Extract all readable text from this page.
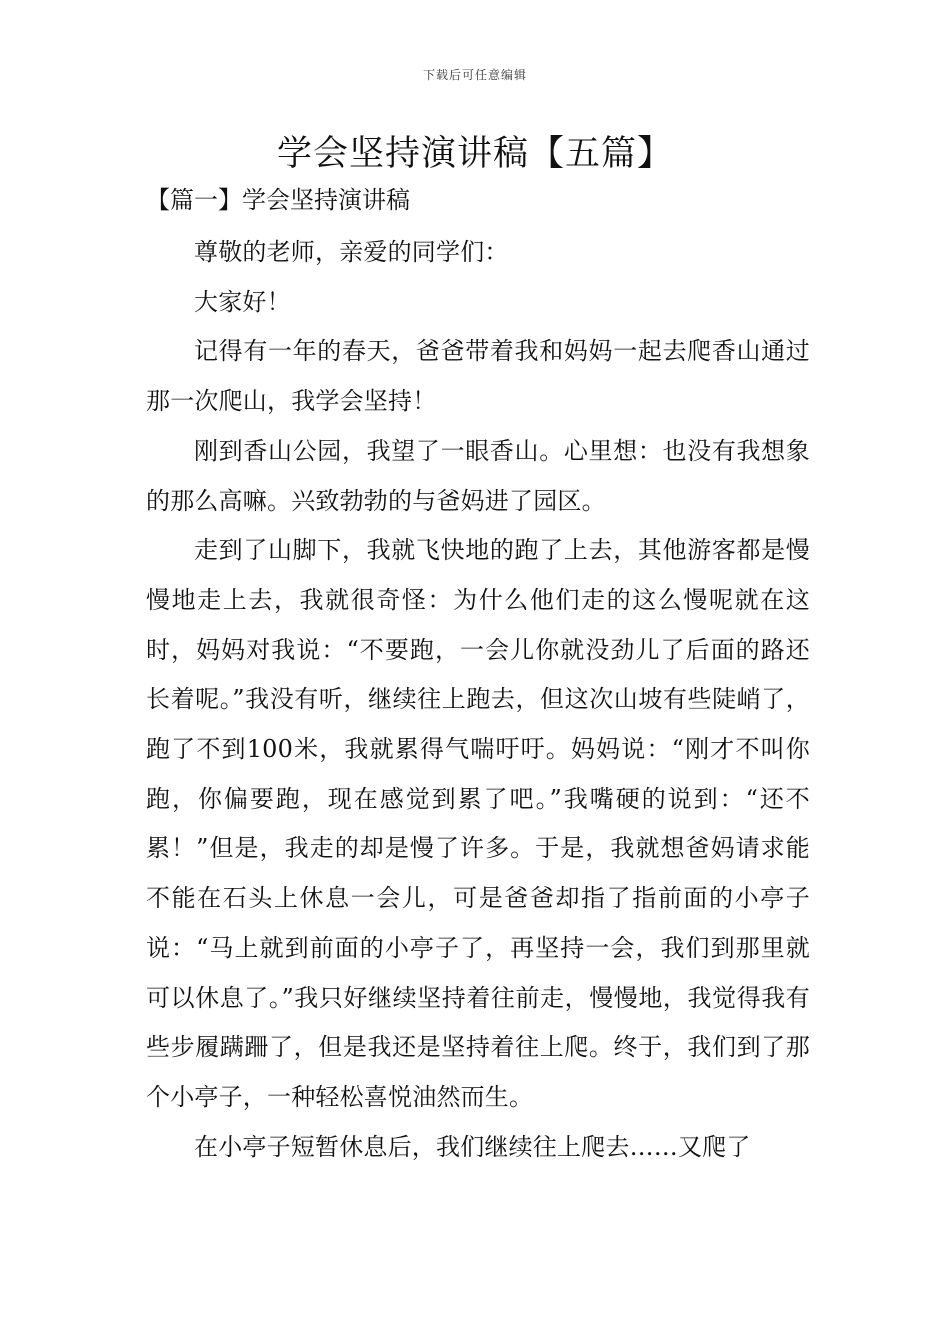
下载后可任意编辑
学会坚持演讲稿【五篇】
【篇一】学会坚持演讲稿

尊敬的老师，亲爱的同学们：

大家好！

记得有一年的春天，爸爸带着我和妈妈一起去爬香山通过那一次爬山，我学会坚持！

刚到香山公园，我望了一眼香山。心里想：也没有我想象的那么高嘛。兴致勃勃的与爸妈进了园区。

走到了山脚下，我就飞快地的跑了上去，其他游客都是慢慢地走上去，我就很奇怪：为什么他们走的这么慢呢就在这时，妈妈对我说：“不要跑，一会儿你就没劲儿了后面的路还长着呢。”我没有听，继续往上跑去，但这次山坡有些陡峭了，跑了不到100米，我就累得气喘吁吁。妈妈说：“刚才不叫你跑，你偏要跑，现在感觉到累了吧。”我嘴硬的说到：“还不累！”但是，我走的却是慢了许多。于是，我就想爸妈请求能不能在石头上休息一会儿，可是爸爸却指了指前面的小亭子说：“马上就到前面的小亭子了，再坚持一会，我们到那里就可以休息了。”我只好继续坚持着往前走，慢慢地，我觉得我有些步履蹒跚了，但是我还是坚持着往上爬。终于，我们到了那个小亭子，一种轻松喜悦油然而生。

在小亭子短暂休息后，我们继续往上爬去……又爬了
